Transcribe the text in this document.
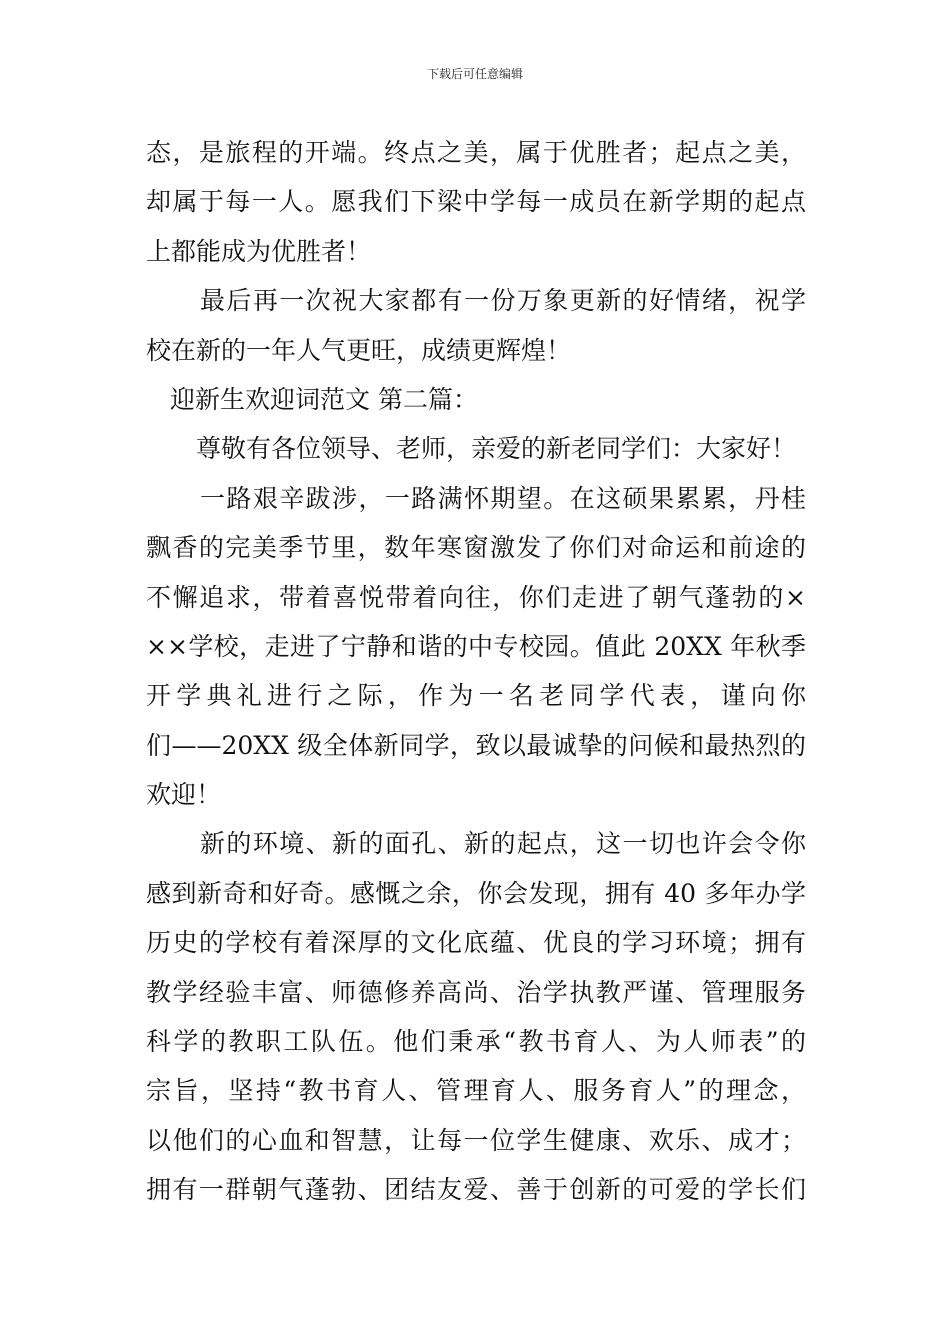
下载后可任意编辑
态，是旅程的开端。终点之美，属于优胜者；起点之美，
却属于每一人。愿我们下梁中学每一成员在新学期的起点
上都能成为优胜者！
最后再一次祝大家都有一份万象更新的好情绪，祝学
校在新的一年人气更旺，成绩更辉煌！
迎新生欢迎词范文 第二篇：
尊敬有各位领导、老师，亲爱的新老同学们：大家好！
一路艰辛跋涉，一路满怀期望。在这硕果累累，丹桂
飘香的完美季节里，数年寒窗激发了你们对命运和前途的
不懈追求，带着喜悦带着向往，你们走进了朝气蓬勃的×
××学校，走进了宁静和谐的中专校园。值此 20XX 年秋季
开学典礼进行之际，作为一名老同学代表，谨向你
们——20XX 级全体新同学，致以最诚挚的问候和最热烈的
欢迎！
新的环境、新的面孔、新的起点，这一切也许会令你
感到新奇和好奇。感慨之余，你会发现，拥有 40 多年办学
历史的学校有着深厚的文化底蕴、优良的学习环境；拥有
教学经验丰富、师德修养高尚、治学执教严谨、管理服务
科学的教职工队伍。他们秉承“教书育人、为人师表”的
宗旨，坚持“教书育人、管理育人、服务育人”的理念，
以他们的心血和智慧，让每一位学生健康、欢乐、成才；
拥有一群朝气蓬勃、团结友爱、善于创新的可爱的学长们
